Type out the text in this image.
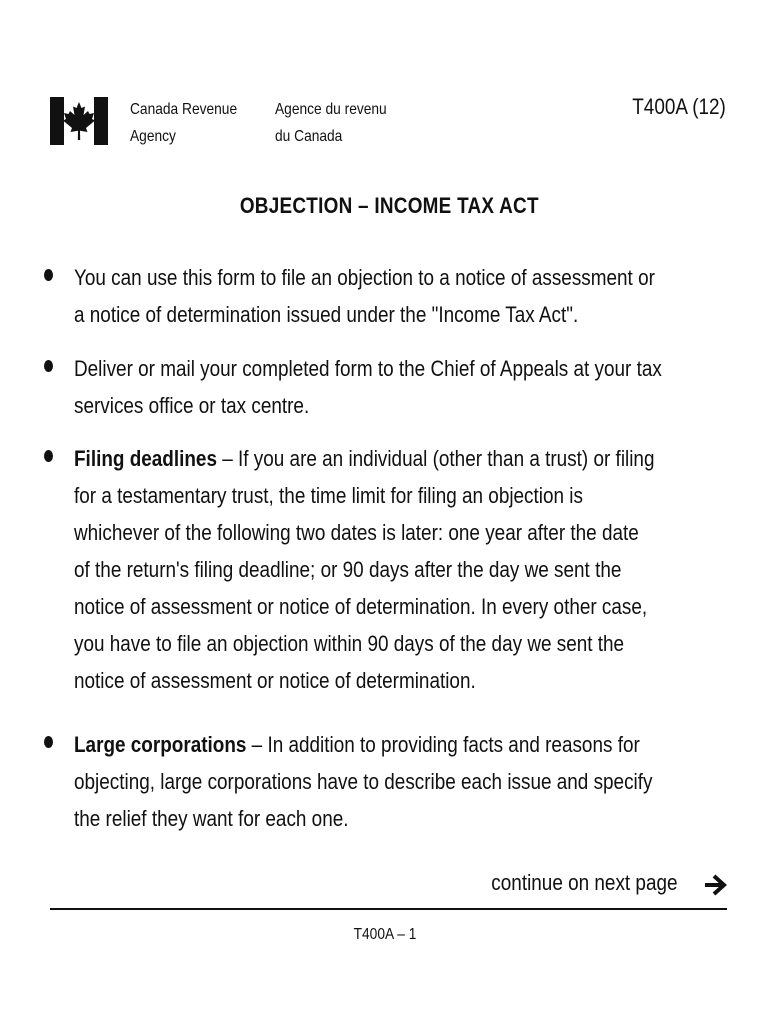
Canada Revenue
Agency
Agence du revenu
du Canada
T400A (12)
OBJECTION – INCOME TAX ACT
You can use this form to file an objection to a notice of assessment or
a notice of determination issued under the "Income Tax Act".
Deliver or mail your completed form to the Chief of Appeals at your tax
services office or tax centre.
Filing deadlines – If you are an individual (other than a trust) or filing
for a testamentary trust, the time limit for filing an objection is
whichever of the following two dates is later: one year after the date
of the return's filing deadline; or 90 days after the day we sent the
notice of assessment or notice of determination. In every other case,
you have to file an objection within 90 days of the day we sent the
notice of assessment or notice of determination.
Large corporations – In addition to providing facts and reasons for
objecting, large corporations have to describe each issue and specify
the relief they want for each one.
continue on next page
T400A – 1
